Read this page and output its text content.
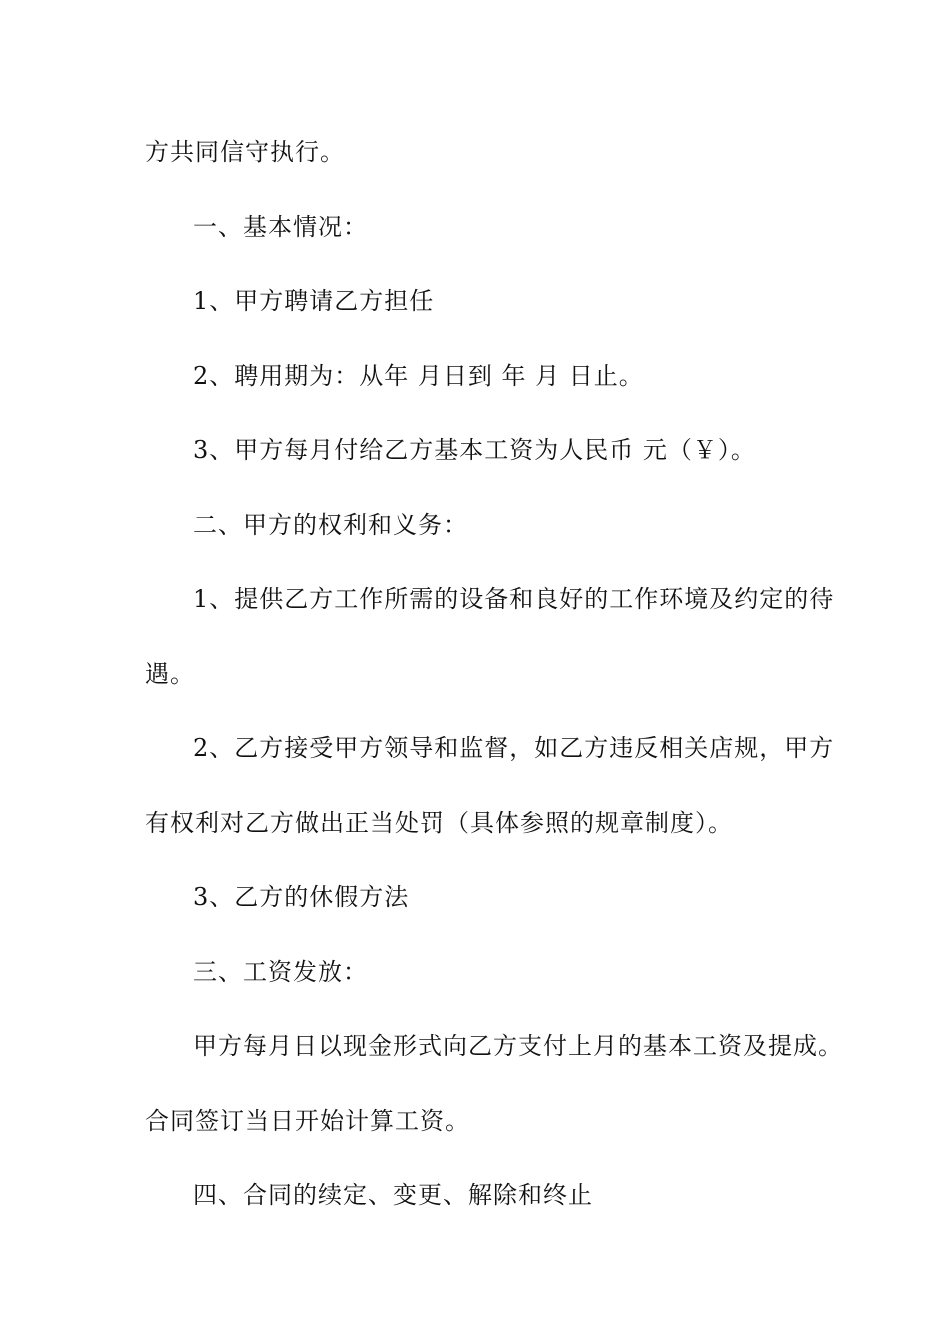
方共同信守执行。
一、基本情况：
1、甲方聘请乙方担任
2、聘用期为：从年 月日到 年 月 日止。
3、甲方每月付给乙方基本工资为人民币 元（￥）。
二、甲方的权利和义务：
1、提供乙方工作所需的设备和良好的工作环境及约定的待
遇。
2、乙方接受甲方领导和监督，如乙方违反相关店规，甲方
有权利对乙方做出正当处罚（具体参照的规章制度）。
3、乙方的休假方法
三、工资发放：
甲方每月日以现金形式向乙方支付上月的基本工资及提成。
合同签订当日开始计算工资。
四、合同的续定、变更、解除和终止
